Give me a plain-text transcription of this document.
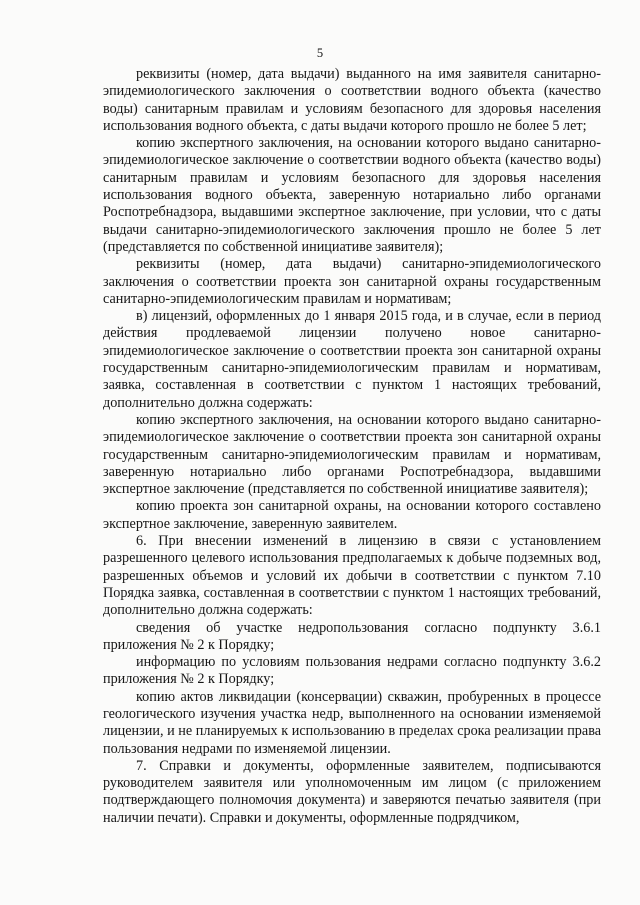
5

реквизиты (номер, дата выдачи) выданного на имя заявителя санитарно-эпидемиологического заключения о соответствии водного объекта (качество воды) санитарным правилам и условиям безопасного для здоровья населения использования водного объекта, с даты выдачи которого прошло не более 5 лет;

копию экспертного заключения, на основании которого выдано санитарно-эпидемиологическое заключение о соответствии водного объекта (качество воды) санитарным правилам и условиям безопасного для здоровья населения использования водного объекта, заверенную нотариально либо органами Роспотребнадзора, выдавшими экспертное заключение, при условии, что с даты выдачи санитарно-эпидемиологического заключения прошло не более 5 лет (представляется по собственной инициативе заявителя);

реквизиты (номер, дата выдачи) санитарно-эпидемиологического заключения о соответствии проекта зон санитарной охраны государственным санитарно-эпидемиологическим правилам и нормативам;

в) лицензий, оформленных до 1 января 2015 года, и в случае, если в период действия продлеваемой лицензии получено новое санитарно-эпидемиологическое заключение о соответствии проекта зон санитарной охраны государственным санитарно-эпидемиологическим правилам и нормативам, заявка, составленная в соответствии с пунктом 1 настоящих требований, дополнительно должна содержать:

копию экспертного заключения, на основании которого выдано санитарно-эпидемиологическое заключение о соответствии проекта зон санитарной охраны государственным санитарно-эпидемиологическим правилам и нормативам, заверенную нотариально либо органами Роспотребнадзора, выдавшими экспертное заключение (представляется по собственной инициативе заявителя);

копию проекта зон санитарной охраны, на основании которого составлено экспертное заключение, заверенную заявителем.

6. При внесении изменений в лицензию в связи с установлением разрешенного целевого использования предполагаемых к добыче подземных вод, разрешенных объемов и условий их добычи в соответствии с пунктом 7.10 Порядка заявка, составленная в соответствии с пунктом 1 настоящих требований, дополнительно должна содержать:

сведения об участке недропользования согласно подпункту 3.6.1 приложения № 2 к Порядку;

информацию по условиям пользования недрами согласно подпункту 3.6.2 приложения № 2 к Порядку;

копию актов ликвидации (консервации) скважин, пробуренных в процессе геологического изучения участка недр, выполненного на основании изменяемой лицензии, и не планируемых к использованию в пределах срока реализации права пользования недрами по изменяемой лицензии.

7. Справки и документы, оформленные заявителем, подписываются руководителем заявителя или уполномоченным им лицом (с приложением подтверждающего полномочия документа) и заверяются печатью заявителя (при наличии печати). Справки и документы, оформленные подрядчиком,
